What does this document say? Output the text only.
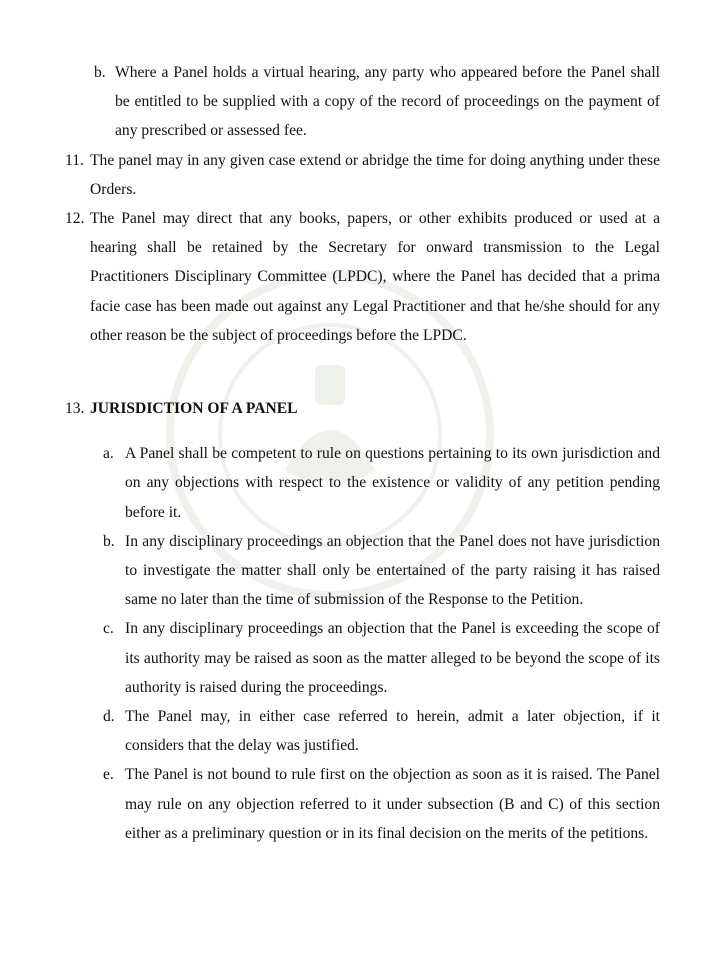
b. Where a Panel holds a virtual hearing, any party who appeared before the Panel shall be entitled to be supplied with a copy of the record of proceedings on the payment of any prescribed or assessed fee.
11. The panel may in any given case extend or abridge the time for doing anything under these Orders.
12. The Panel may direct that any books, papers, or other exhibits produced or used at a hearing shall be retained by the Secretary for onward transmission to the Legal Practitioners Disciplinary Committee (LPDC), where the Panel has decided that a prima facie case has been made out against any Legal Practitioner and that he/she should for any other reason be the subject of proceedings before the LPDC.
13. JURISDICTION OF A PANEL
a. A Panel shall be competent to rule on questions pertaining to its own jurisdiction and on any objections with respect to the existence or validity of any petition pending before it.
b. In any disciplinary proceedings an objection that the Panel does not have jurisdiction to investigate the matter shall only be entertained of the party raising it has raised same no later than the time of submission of the Response to the Petition.
c. In any disciplinary proceedings an objection that the Panel is exceeding the scope of its authority may be raised as soon as the matter alleged to be beyond the scope of its authority is raised during the proceedings.
d. The Panel may, in either case referred to herein, admit a later objection, if it considers that the delay was justified.
e. The Panel is not bound to rule first on the objection as soon as it is raised. The Panel may rule on any objection referred to it under subsection (B and C) of this section either as a preliminary question or in its final decision on the merits of the petitions.
